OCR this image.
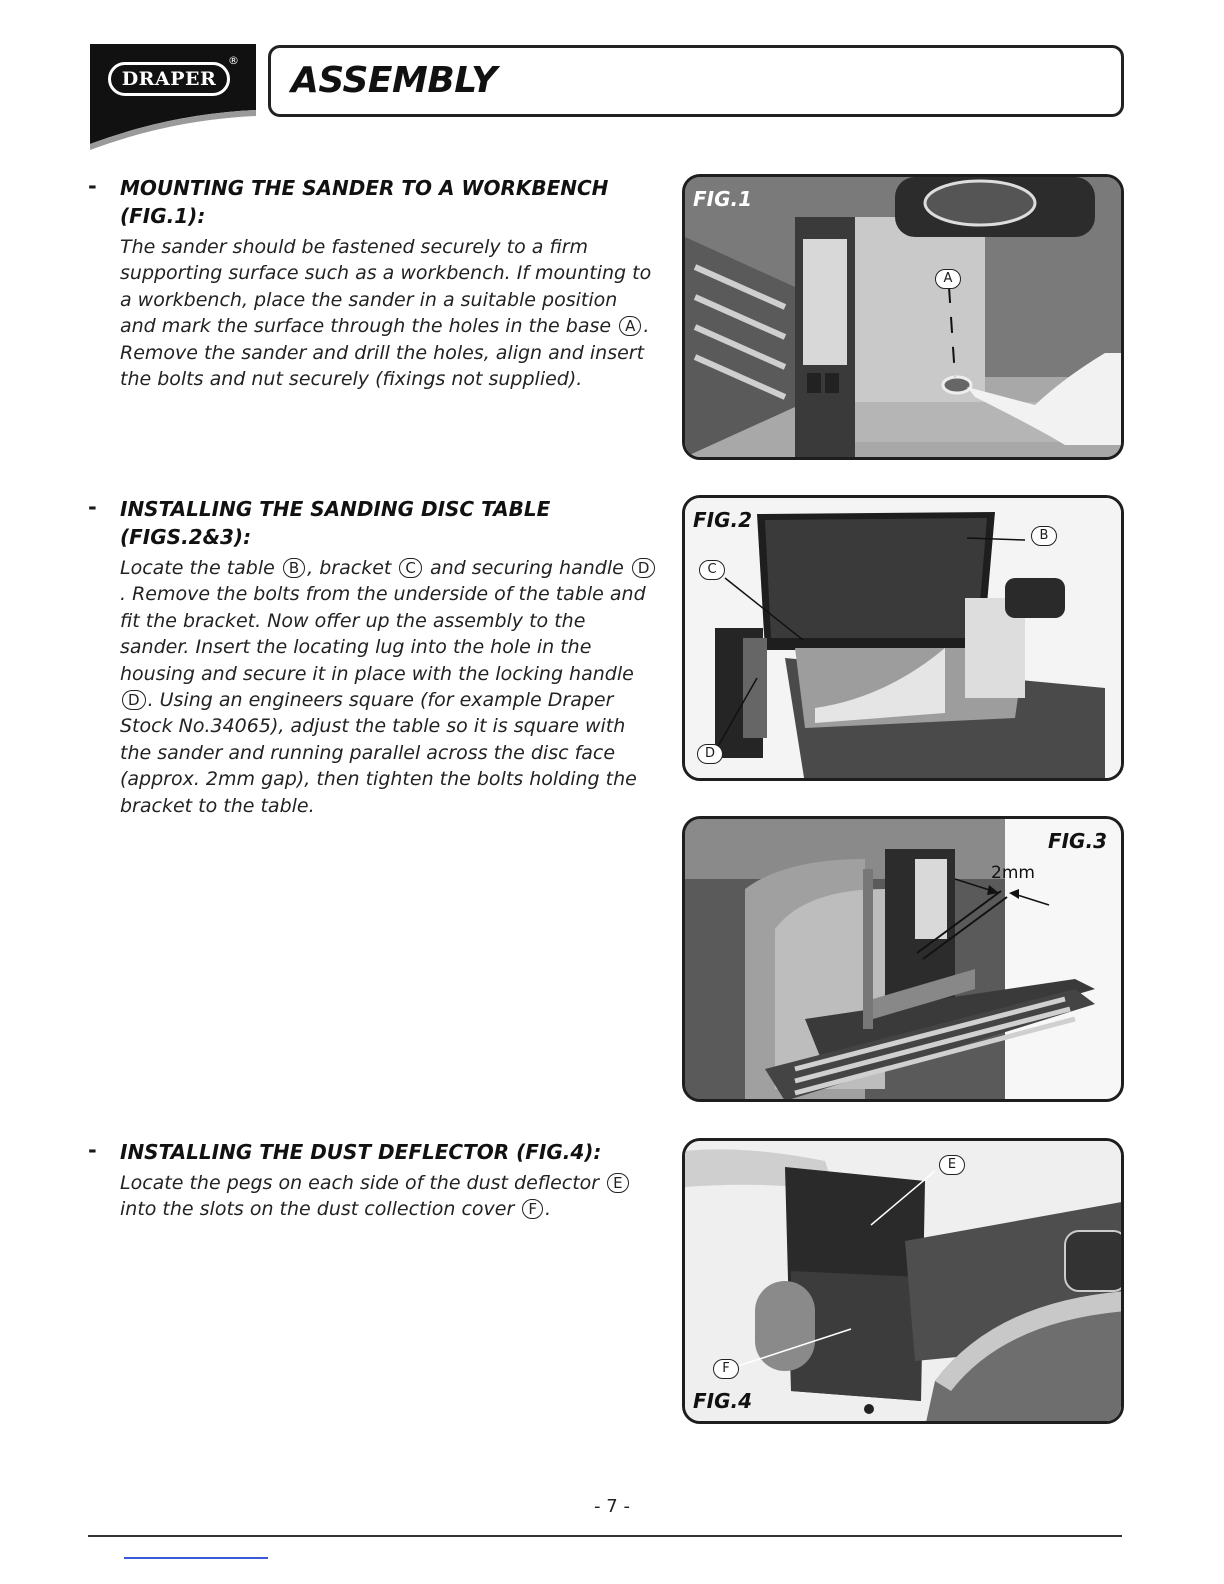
DRAPER
® ASSEMBLY
- MOUNTING THE SANDER TO A WORKBENCH
(FIG.1):

The sander should be fastened securely to a firm supporting surface such as a workbench. If mounting to a workbench, place the sander in a suitable position and mark the surface through the holes in the base A . Remove the sander and drill the holes, align and insert the bolts and nut securely (fixings not supplied).

- INSTALLING THE SANDING DISC TABLE
(FIGS.2&3):

Locate the table B , bracket C and securing handle D. Remove the bolts from the underside of the table and fit the bracket. Now offer up the assembly to the sander. Insert the locating lug into the hole in the housing and secure it in place with the locking handle D . Using an engineers square (for example Draper Stock No.34065), adjust the table so it is square with the sander and running parallel across the disc face (approx. 2mm gap), then tighten the bolts holding the bracket to the table.

- INSTALLING THE DUST DEFLECTOR (FIG.4):

Locate the pegs on each side of the dust deflector E into the slots on the dust collection cover F .

FIG.1
A
FIG.2
B
C
D
FIG.3
2mm
E
F
FIG.4
- 7 -
